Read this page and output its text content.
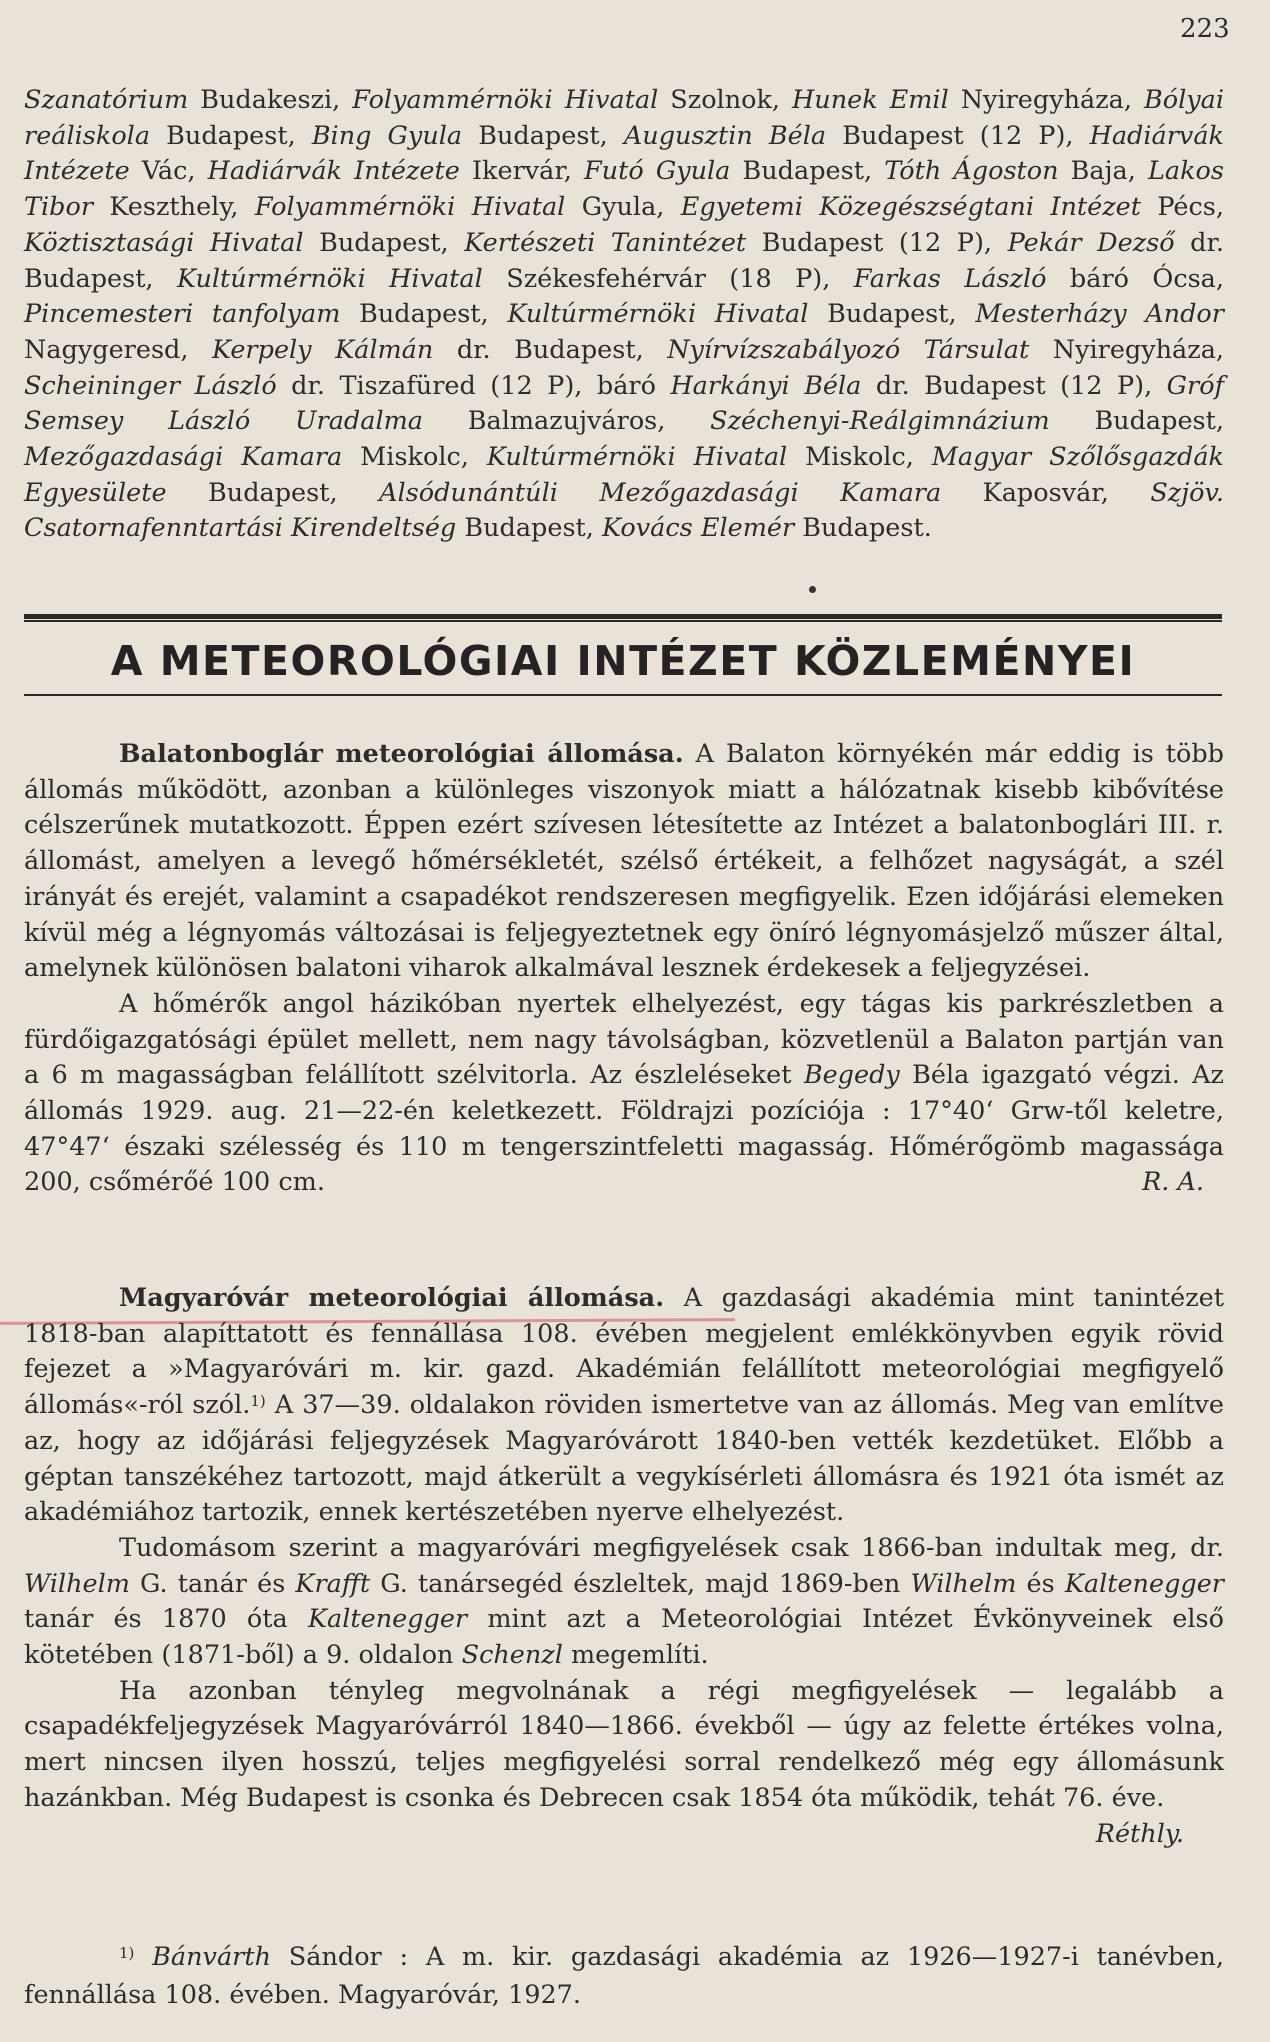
223

Szanatórium Budakeszi, Folyammérnöki Hivatal Szolnok, Hunek Emil Nyiregyháza, Bólyai reáliskola Budapest, Bing Gyula Budapest, Augusztin Béla Budapest (12 P), Hadiárvák Intézete Vác, Hadiárvák Intézete Ikervár, Futó Gyula Budapest, Tóth Ágoston Baja, Lakos Tibor Keszthely, Folyammérnöki Hivatal Gyula, Egyetemi Közegészségtani Intézet Pécs, Köztisztasági Hivatal Budapest, Kertészeti Tanintézet Budapest (12 P), Pekár Dezső dr. Budapest, Kultúrmérnöki Hivatal Székesfehérvár (18 P), Farkas László báró Ócsa, Pincemesteri tanfolyam Budapest, Kultúrmérnöki Hivatal Budapest, Mesterházy Andor Nagygeresd, Kerpely Kálmán dr. Budapest, Nyírvízszabályozó Társulat Nyiregyháza, Scheininger László dr. Tiszafüred (12 P), báró Harkányi Béla dr. Budapest (12 P), Gróf Semsey László Uradalma Balmazujváros, Széchenyi-Reálgimnázium Budapest, Mezőgazdasági Kamara Miskolc, Kultúrmérnöki Hivatal Miskolc, Magyar Szőlősgazdák Egyesülete Budapest, Alsódunántúli Mezőgazdasági Kamara Kaposvár, Szjöv. Csatornafenntartási Kirendeltség Budapest, Kovács Elemér Budapest.

A METEOROLÓGIAI INTÉZET KÖZLEMÉNYEI

Balatonboglár meteorológiai állomása. A Balaton környékén már eddig is több állomás működött, azonban a különleges viszonyok miatt a hálózatnak kisebb kibővítése célszerűnek mutatkozott. Éppen ezért szívesen létesítette az Intézet a balatonboglári III. r. állomást, amelyen a levegő hőmérsékletét, szélső értékeit, a felhőzet nagyságát, a szél irányát és erejét, valamint a csapadékot rendszeresen megfigyelik. Ezen időjárási elemeken kívül még a légnyomás változásai is feljegyeztetnek egy öníró légnyomásjelző műszer által, amelynek különösen balatoni viharok alkalmával lesznek érdekesek a feljegyzései.

A hőmérők angol házikóban nyertek elhelyezést, egy tágas kis parkrészletben a fürdőigazgatósági épület mellett, nem nagy távolságban, közvetlenül a Balaton partján van a 6 m magasságban felállított szélvitorla. Az észleléseket Begedy Béla igazgató végzi. Az állomás 1929. aug. 21—22-én keletkezett. Földrajzi pozíciója : 17°40‘ Grw-től keletre, 47°47‘ északi szélesség és 110 m tengerszintfeletti magasság. Hőmérőgömb magassága 200, csőmérőé 100 cm.	R. A.

Magyaróvár meteorológiai állomása. A gazdasági akadémia mint tanintézet 1818-ban alapíttatott és fennállása 108. évében megjelent emlékkönyvben egyik rövid fejezet a »Magyaróvári m. kir. gazd. Akadémián felállított meteorológiai megfigyelő állomás«-ról szól.$^{1)}$ A 37—39. oldalakon röviden ismertetve van az állomás. Meg van említve az, hogy az időjárási feljegyzések Magyaróvárott 1840-ben vették kezdetüket. Előbb a géptan tanszékéhez tartozott, majd átkerült a vegykísérleti állomásra és 1921 óta ismét az akadémiához tartozik, ennek kertészetében nyerve elhelyezést.

Tudomásom szerint a magyaróvári megfigyelések csak 1866-ban indultak meg, dr. Wilhelm G. tanár és Krafft G. tanársegéd észleltek, majd 1869-ben Wilhelm és Kaltenegger tanár és 1870 óta Kaltenegger mint azt a Meteorológiai Intézet Évkönyveinek első kötetében (1871-ből) a 9. oldalon Schenzl megemlíti.

Ha azonban tényleg megvolnának a régi megfigyelések — legalább a csapadékfeljegyzések Magyaróvárról 1840—1866. évekből — úgy az felette értékes volna, mert nincsen ilyen hosszú, teljes megfigyelési sorral rendelkező még egy állomásunk hazánkban. Még Budapest is csonka és Debrecen csak 1854 óta működik, tehát 76. éve.

Réthly.

$^{1)}$ Bánvárth Sándor : A m. kir. gazdasági akadémia az 1926—1927-i tanévben, fennállása 108. évében. Magyaróvár, 1927.
